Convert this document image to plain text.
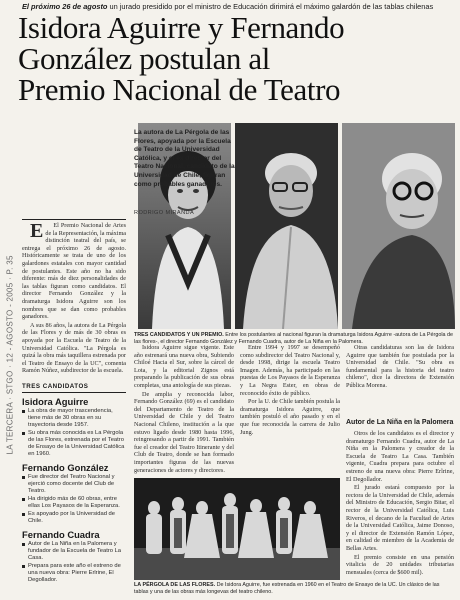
LA TERCERA · STGO · 12 - AGOSTO - 2005 · P. 35
El próximo 26 de agosto un jurado presidido por el ministro de Educación dirimirá el máximo galardón de las tablas chilenas
Isidora Aguirre y Fernando
González postulan al
Premio Nacional de Teatro
TRES CANDIDATOS Y UN PREMIO. Entre los postulantes al nacional figuran la dramaturga Isidora Aguirre -autora de La Pérgola de las flores-, el director Fernando González y Fernando Cuadra, autor de La Niña en la Palomera.
La autora de La Pérgola de las Flores, apoyada por la Escuela de Teatro de la Universidad Católica, y el ex director del Teatro Nacional, candidato de la Universidad de Chile, figuran como probables ganadores.
RODRIGO MIRANDA

E El Premio Nacional de Artes de la Representación, la máxima distinción teatral del país, se entrega el próximo 26 de agosto. Históricamente se trata de uno de los galardones estatales con mayor cantidad de postulantes. Este año no ha sido diferente: más de diez personalidades de las tablas figuran como candidatos. El director Fernando González y la dramaturga Isidora Aguirre son los nombres que se dan como probables ganadores.

A sus 86 años, la autora de La Pérgola de las Flores y de más de 30 obras es apoyada por la Escuela de Teatro de la Universidad Católica. "La Pérgola es quizá la obra más taquillera estrenada por el Teatro de Ensayo de la UC", comenta Ramón Núñez, subdirector de la escuela.

TRES CANDIDATOS
Isidora Aguirre
La obra de mayor trascendencia, tiene más de 30 obras en su trayectoria desde 1957.
Su obra más conocida es La Pérgola de las Flores, estrenada por el Teatro de Ensayo de la Universidad Católica en 1960.
Fernando González
Fue director del Teatro Nacional y ejerció como docente del Club de Teatro.
Ha dirigido más de 60 obras, entre ellas Los Payasos de la Esperanza.
Es apoyado por la Universidad de Chile.
Fernando Cuadra
Autor de La Niña en la Palomera y fundador de la Escuela de Teatro La Casa.
Prepara para este año el estreno de una nueva obra: Pierre Erlrine, El Degollador.

Isidora Aguirre sigue vigente. Este año estrenará una nueva obra, Subiendo Chiloé Hacia el Sur, sobre la cárcel de Lota, y la editorial Zignos está preparando la publicación de sus obras completas, una antología de sus piezas.

De amplia y reconocida labor, Fernando González (69) es el candidato del Departamento de Teatro de la Universidad de Chile y del Teatro Nacional Chileno, institución a la que estuvo ligado desde 1980 hasta 1996, reingresando a partir de 1991. También fue el creador del Teatro Itinerante y del Club de Teatro, donde se han formado importantes figuras de las nuevas generaciones de actores y directores.

Entre 1994 y 1997 se desempeñó como subdirector del Teatro Nacional y, desde 1998, dirige la escuela Teatro Imagen. Además, ha participado en las puestas de Los Payasos de la Esperanza y La Negra Ester, en obras de reconocido éxito de público.

Por la U. de Chile también postula la dramaturga Isidora Aguirre, que también postuló el año pasado y en el que fue reconocida la carrera de Julio Jung.

Otras candidaturas son las de Isidora Aguirre que también fue postulada por la Universidad de Chile. "Su obra es fundamental para la historia del teatro chileno", dice la directora de Extensión Pública Morena.

Autor de La Niña en la Palomera

Otros de los candidatos es el director y dramaturgo Fernando Cuadra, autor de La Niña en la Palomera y creador de la Escuela de Teatro La Casa. También vigente, Cuadra prepara para octubre el estreno de una nueva obra: Pierre Erlrine, El Degollador.

El jurado estará compuesto por la rectora de la Universidad de Chile, además del Ministro de Educación, Sergio Bitar, el rector de la Universidad Católica, Luis Riveros, el decano de la Facultad de Artes de la Universidad Católica, Jaime Donoso, y el director de Extensión Ramón López, en calidad de miembro de la Academia de Bellas Artes.

El premio consiste en una pensión vitalicia de 20 unidades tributarias mensuales (cerca de $600 mil).

LA PÉRGOLA DE LAS FLORES. De Isidora Aguirre, fue estrenada en 1960 en el Teatro de Ensayo de la UC. Un clásico de las tablas y una de las obras más longevas del teatro chileno.
